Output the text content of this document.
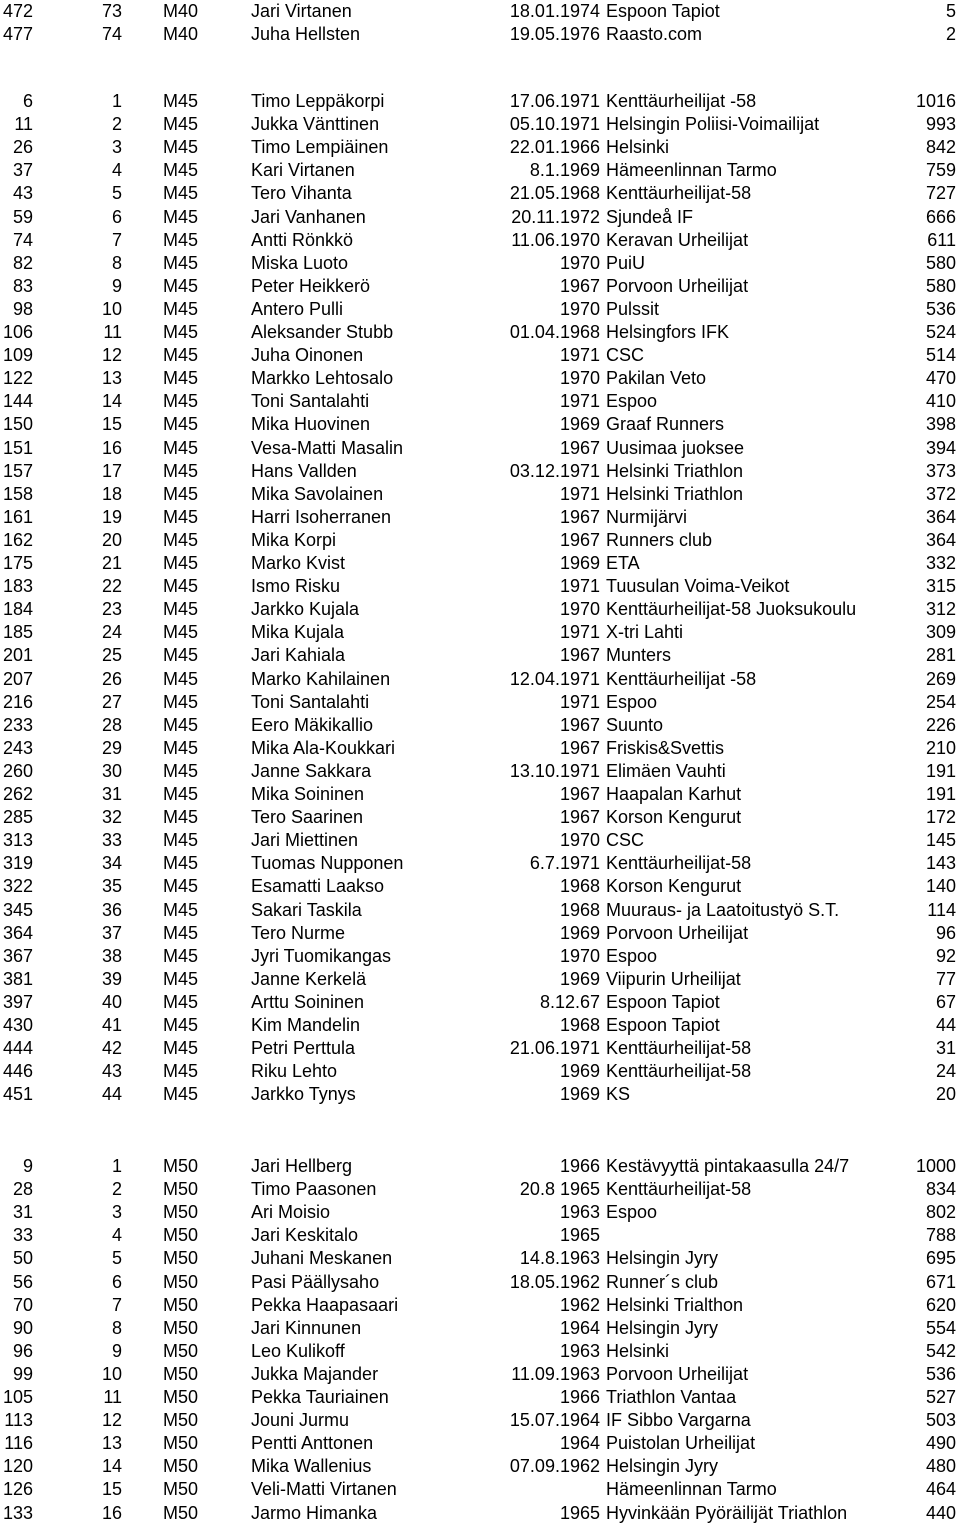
472	73 M40	Jari Virtanen	18.01.1974 Espoon Tapiot	5
477	74 M40	Juha Hellsten	19.05.1976 Raasto.com	2
6	1 M45	Timo Leppäkorpi	17.06.1971 Kenttäurheilijat -58	1016
11	2 M45	Jukka Vänttinen	05.10.1971 Helsingin Poliisi-Voimailijat	993
26	3 M45	Timo Lempiäinen	22.01.1966 Helsinki	842
37	4 M45	Kari Virtanen	8.1.1969 Hämeenlinnan Tarmo	759
43	5 M45	Tero Vihanta	21.05.1968 Kenttäurheilijat-58	727
59	6 M45	Jari Vanhanen	20.11.1972 Sjundeå IF	666
74	7 M45	Antti Rönkkö	11.06.1970 Keravan Urheilijat	611
82	8 M45	Miska Luoto	1970 PuiU	580
83	9 M45	Peter Heikkerö	1967 Porvoon Urheilijat	580
98	10 M45	Antero Pulli	1970 Pulssit	536
106	11 M45	Aleksander Stubb	01.04.1968 Helsingfors IFK	524
109	12 M45	Juha Oinonen	1971 CSC	514
122	13 M45	Markko Lehtosalo	1970 Pakilan Veto	470
144	14 M45	Toni Santalahti	1971 Espoo	410
150	15 M45	Mika Huovinen	1969 Graaf Runners	398
151	16 M45	Vesa-Matti Masalin	1967 Uusimaa juoksee	394
157	17 M45	Hans Vallden	03.12.1971 Helsinki Triathlon	373
158	18 M45	Mika Savolainen	1971 Helsinki Triathlon	372
161	19 M45	Harri Isoherranen	1967 Nurmijärvi	364
162	20 M45	Mika Korpi	1967 Runners club	364
175	21 M45	Marko Kvist	1969 ETA	332
183	22 M45	Ismo Risku	1971 Tuusulan Voima-Veikot	315
184	23 M45	Jarkko Kujala	1970 Kenttäurheilijat-58 Juoksukoulu	312
185	24 M45	Mika Kujala	1971 X-tri Lahti	309
201	25 M45	Jari Kahiala	1967 Munters	281
207	26 M45	Marko Kahilainen	12.04.1971 Kenttäurheilijat -58	269
216	27 M45	Toni Santalahti	1971 Espoo	254
233	28 M45	Eero Mäkikallio	1967 Suunto	226
243	29 M45	Mika Ala-Koukkari	1967 Friskis&Svettis	210
260	30 M45	Janne Sakkara	13.10.1971 Elimäen Vauhti	191
262	31 M45	Mika Soininen	1967 Haapalan Karhut	191
285	32 M45	Tero Saarinen	1967 Korson Kengurut	172
313	33 M45	Jari Miettinen	1970 CSC	145
319	34 M45	Tuomas Nupponen	6.7.1971 Kenttäurheilijat-58	143
322	35 M45	Esamatti Laakso	1968 Korson Kengurut	140
345	36 M45	Sakari Taskila	1968 Muuraus- ja Laatoitustyö S.T.	114
364	37 M45	Tero Nurme	1969 Porvoon Urheilijat	96
367	38 M45	Jyri Tuomikangas	1970 Espoo	92
381	39 M45	Janne Kerkelä	1969 Viipurin Urheilijat	77
397	40 M45	Arttu Soininen	8.12.67 Espoon Tapiot	67
430	41 M45	Kim Mandelin	1968 Espoon Tapiot	44
444	42 M45	Petri Perttula	21.06.1971 Kenttäurheilijat-58	31
446	43 M45	Riku Lehto	1969 Kenttäurheilijat-58	24
451	44 M45	Jarkko Tynys	1969 KS	20
9	1 M50	Jari Hellberg	1966 Kestävyyttä pintakaasulla 24/7	1000
28	2 M50	Timo Paasonen	20.8 1965 Kenttäurheilijat-58	834
31	3 M50	Ari Moisio	1963 Espoo	802
33	4 M50	Jari Keskitalo	1965	788
50	5 M50	Juhani Meskanen	14.8.1963 Helsingin Jyry	695
56	6 M50	Pasi Päällysaho	18.05.1962 Runner´s club	671
70	7 M50	Pekka Haapasaari	1962 Helsinki Trialthon	620
90	8 M50	Jari Kinnunen	1964 Helsingin Jyry	554
96	9 M50	Leo Kulikoff	1963 Helsinki	542
99	10 M50	Jukka Majander	11.09.1963 Porvoon Urheilijat	536
105	11 M50	Pekka Tauriainen	1966 Triathlon Vantaa	527
113	12 M50	Jouni Jurmu	15.07.1964 IF Sibbo Vargarna	503
116	13 M50	Pentti Anttonen	1964 Puistolan Urheilijat	490
120	14 M50	Mika Wallenius	07.09.1962 Helsingin Jyry	480
126	15 M50	Veli-Matti Virtanen	Hämeenlinnan Tarmo	464
133	16 M50	Jarmo Himanka	1965 Hyvinkään Pyöräilijät Triathlon	440
